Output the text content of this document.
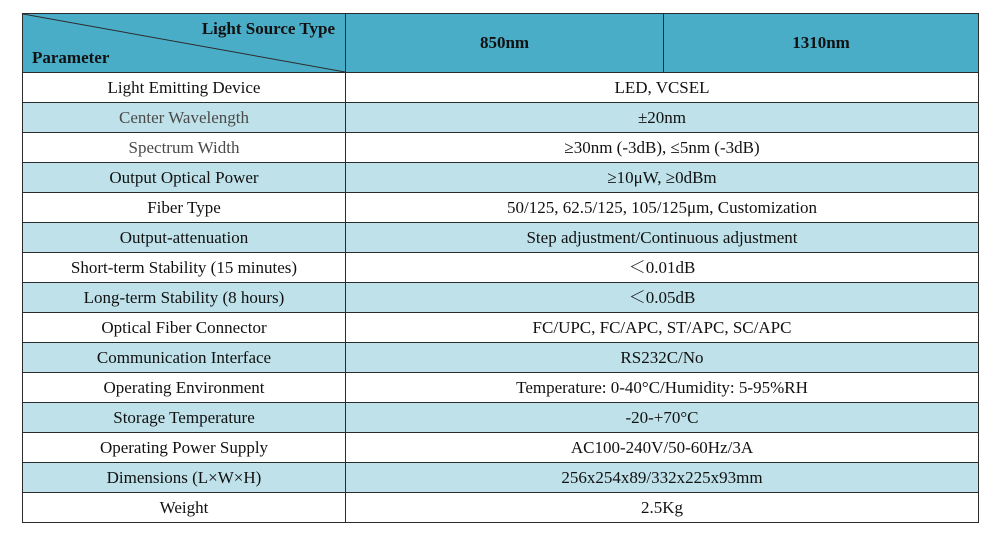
Light Source Type
Parameter	850nm	1310nm
Light Emitting Device	LED, VCSEL	
Center Wavelength	±20nm	
Spectrum Width	≥30nm (-3dB), ≤5nm (-3dB)	
Output Optical Power	≥10μW, ≥0dBm	
Fiber Type	50/125, 62.5/125, 105/125μm, Customization	
Output-attenuation	Step adjustment/Continuous adjustment	
Short-term Stability (15 minutes)	＜0.01dB	
Long-term Stability (8 hours)	＜0.05dB	
Optical Fiber Connector	FC/UPC, FC/APC, ST/APC, SC/APC	
Communication Interface	RS232C/No	
Operating Environment	Temperature: 0-40°C/Humidity: 5-95%RH	
Storage Temperature	-20-+70°C	
Operating Power Supply	AC100-240V/50-60Hz/3A	
Dimensions (L×W×H)	256x254x89/332x225x93mm	
Weight	2.5Kg	
